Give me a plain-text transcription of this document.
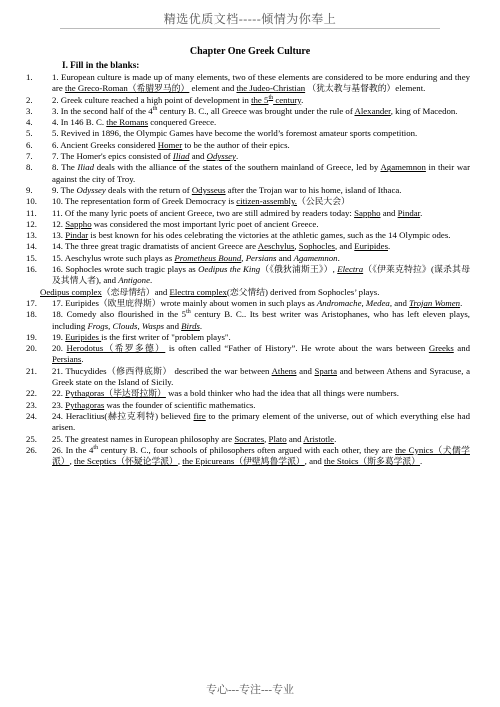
精选优质文档-----倾情为你奉上
Chapter One Greek Culture
I. Fill in the blanks:
1. 1. European culture is made up of many elements, two of these elements are considered to be more enduring and they are the Greco-Roman（希腊罗马的） element and the Judeo-Christian （犹太教与基督教的）element.
2. 2. Greek culture reached a high point of development in the 5th century.
3. 3. In the second half of the 4th century B. C., all Greece was brought under the rule of Alexander, king of Macedon.
4. 4. In 146 B. C. the Romans conquered Greece.
5. 5. Revived in 1896, the Olympic Games have become the world’s foremost amateur sports competition.
6. 6. Ancient Greeks considered Homer to be the author of their epics.
7. 7. The Homer's epics consisted of Iliad and Odyssey.
8. 8. The Iliad deals with the alliance of the states of the southern mainland of Greece, led by Agamemnon in their war against the city of Troy.
9. 9. The Odyssey deals with the return of Odysseus after the Trojan war to his home, island of Ithaca.
10. 10. The representation form of Greek Democracy is citizen-assembly.（公民大会）
11. 11. Of the many lyric poets of ancient Greece, two are still admired by readers today: Sappho and Pindar.
12. 12. Sappho was considered the most important lyric poet of ancient Greece.
13. 13. Pindar is best known for his odes celebrating the victories at the athletic games, such as the 14 Olympic odes.
14. 14. The three great tragic dramatists of ancient Greece are Aeschylus, Sophocles, and Euripides.
15. 15. Aeschylus wrote such plays as Prometheus Bound, Persians and Agamemnon.
16. 16. Sophocles wrote such tragic plays as Oedipus the King（《俄狄浦斯王》）, Electra（《伊莱克特拉》(谋杀其母及其情人者), and Antigone.
Oedipus complex（恋母情结）and Electra complex(恋父情结) derived from Sophocles’ plays.
17. 17. Euripides（欧里庇得斯）wrote mainly about women in such plays as Andromache, Medea, and Trojan Women.
18. 18. Comedy also flourished in the 5th century B. C.. Its best writer was Aristophanes, who has left eleven plays, including Frogs, Clouds, Wasps and Birds.
19. 19. Euripides is the first writer of "problem plays".
20. 20. Herodotus（希罗多德） is often called “Father of History”. He wrote about the wars between Greeks and Persians.
21. 21. Thucydides（修西得底斯） described the war between Athens and Sparta and between Athens and Syracuse, a Greek state on the Island of Sicily.
22. 22. Pythagoras（毕达哥拉斯） was a bold thinker who had the idea that all things were numbers.
23. 23. Pythagoras was the founder of scientific mathematics.
24. 24. Heraclitius(赫拉克利特) believed fire to the primary element of the universe, out of which everything else had arisen.
25. 25. The greatest names in European philosophy are Socrates, Plato and Aristotle.
26. 26. In the 4th century B. C., four schools of philosophers often argued with each other, they are the Cynics（犬儒学派）, the Sceptics（怀疑论学派）, the Epicureans（伊壁鸠鲁学派）, and the Stoics（斯多葛学派）.
专心---专注---专业
